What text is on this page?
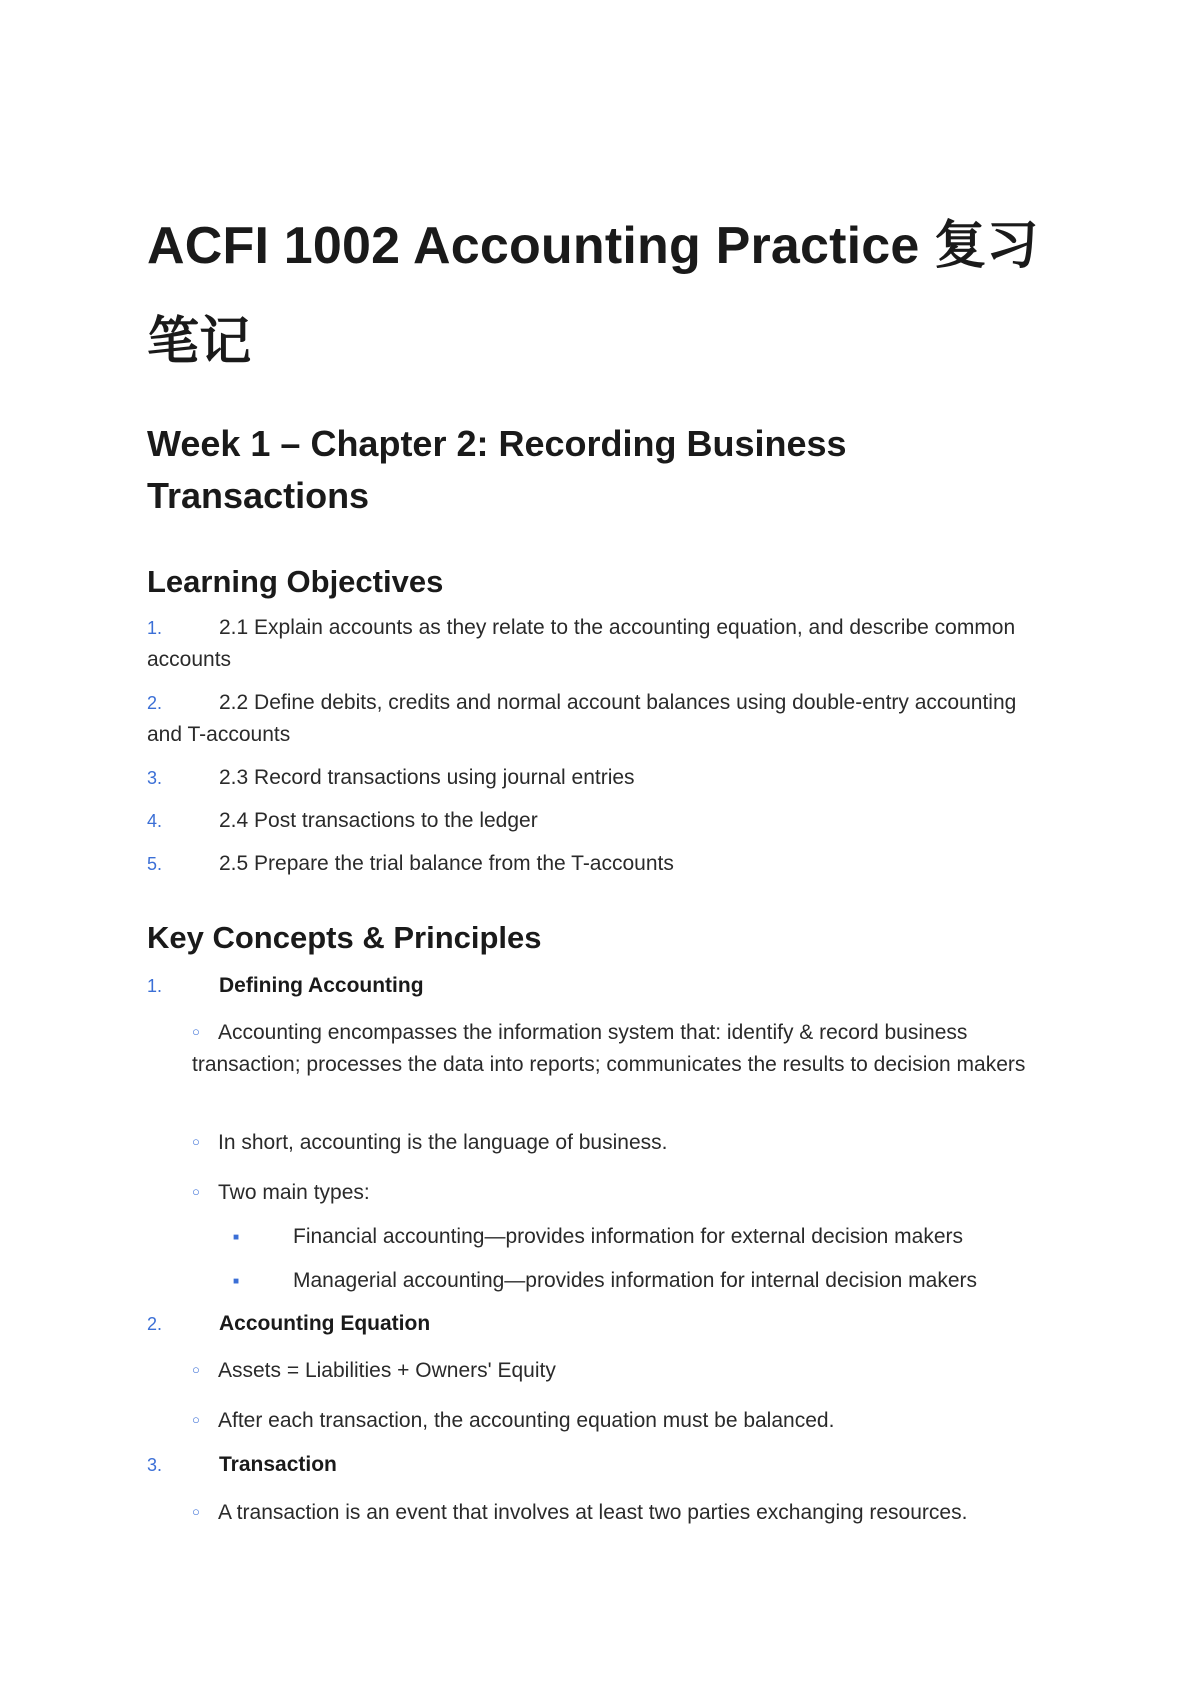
ACFI 1002 Accounting Practice 复习笔记
Week 1 – Chapter 2: Recording Business Transactions
Learning Objectives
1.	2.1 Explain accounts as they relate to the accounting equation, and describe common accounts
2.	2.2 Define debits, credits and normal account balances using double-entry accounting and T-accounts
3.	2.3 Record transactions using journal entries
4.	2.4 Post transactions to the ledger
5.	2.5 Prepare the trial balance from the T-accounts
Key Concepts & Principles
1.	Defining Accounting
○ Accounting encompasses the information system that: identify & record business transaction; processes the data into reports; communicates the results to decision makers
○ In short, accounting is the language of business.
○ Two main types:
■	Financial accounting—provides information for external decision makers
■	Managerial accounting—provides information for internal decision makers
2.	Accounting Equation
○ Assets = Liabilities + Owners' Equity
○ After each transaction, the accounting equation must be balanced.
3.	Transaction
○ A transaction is an event that involves at least two parties exchanging resources.
